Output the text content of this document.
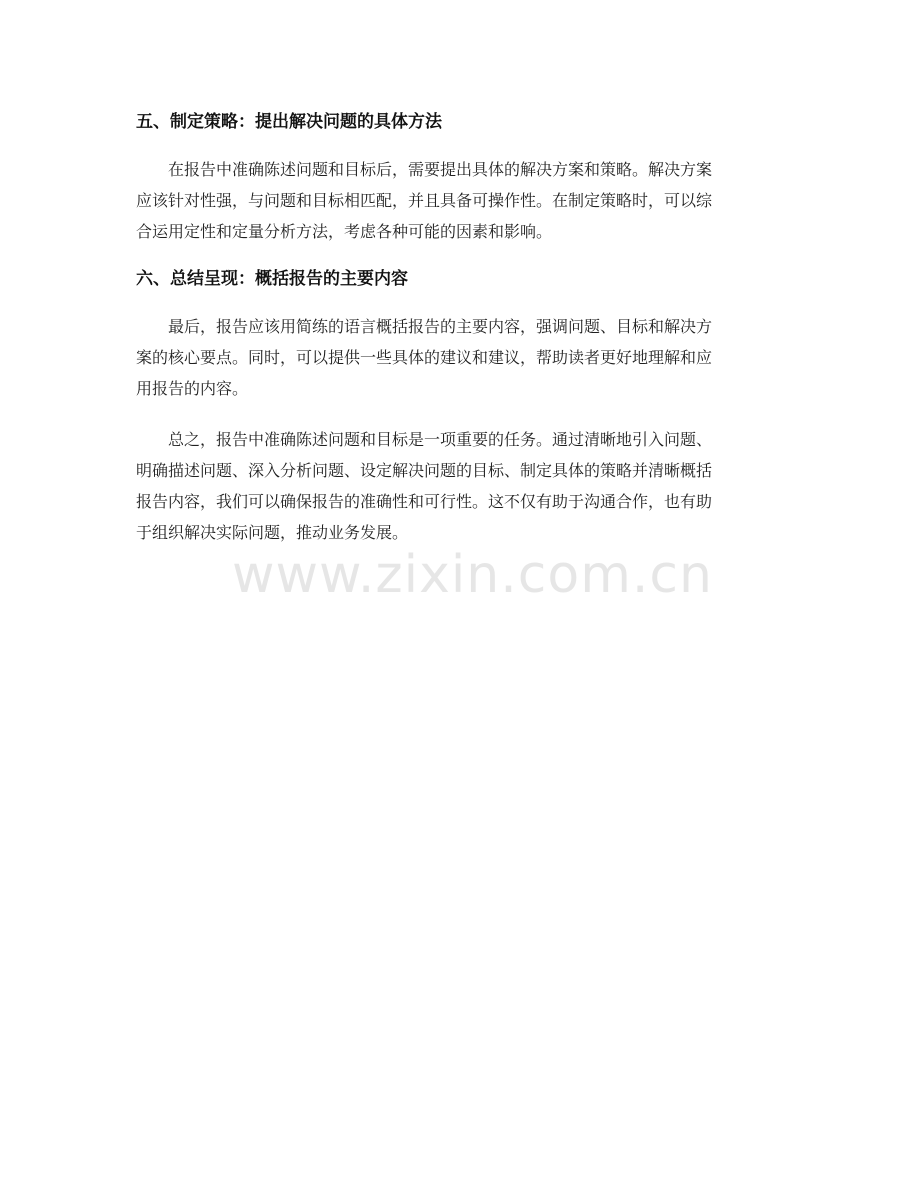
五、制定策略：提出解决问题的具体方法
在报告中准确陈述问题和目标后，需要提出具体的解决方案和策略。解决方案
应该针对性强，与问题和目标相匹配，并且具备可操作性。在制定策略时，可以综
合运用定性和定量分析方法，考虑各种可能的因素和影响。
六、总结呈现：概括报告的主要内容
最后，报告应该用简练的语言概括报告的主要内容，强调问题、目标和解决方
案的核心要点。同时，可以提供一些具体的建议和建议，帮助读者更好地理解和应
用报告的内容。
总之，报告中准确陈述问题和目标是一项重要的任务。通过清晰地引入问题、
明确描述问题、深入分析问题、设定解决问题的目标、制定具体的策略并清晰概括
报告内容，我们可以确保报告的准确性和可行性。这不仅有助于沟通合作，也有助
于组织解决实际问题，推动业务发展。
www.zixin.com.cn
